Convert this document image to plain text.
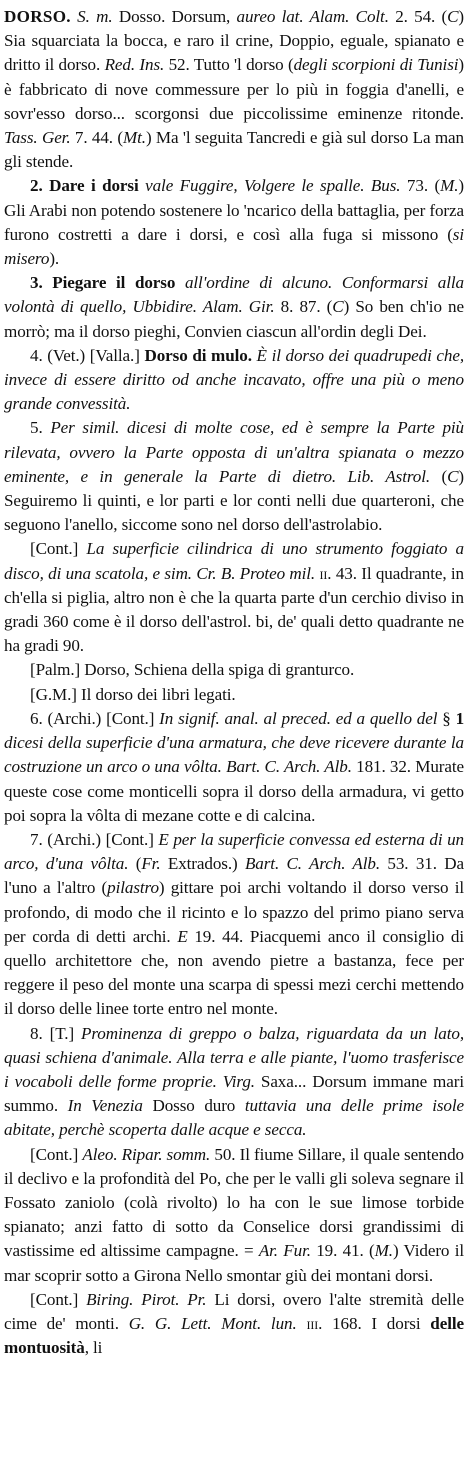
DORSO. S. m. Dosso. Dorsum, aureo lat. Alam. Colt. 2. 54. (C) Sia squarciata la bocca, e raro il crine, Doppio, eguale, spianato e dritto il dorso. Red. Ins. 52. Tutto 'l dorso (degli scorpioni di Tunisi) è fabbricato di nove commessure per lo più in foggia d'anelli, e sovr'esso dorso... scorgonsi due piccolissime eminenze ritonde. Tass. Ger. 7. 44. (Mt.) Ma 'l seguita Tancredi e già sul dorso La man gli stende.

2. Dare i dorsi vale Fuggire, Volgere le spalle. Bus. 73. (M.) Gli Arabi non potendo sostenere lo 'ncarico della battaglia, per forza furono costretti a dare i dorsi, e così alla fuga si missono (si misero).

3. Piegare il dorso all'ordine di alcuno. Conformarsi alla volontà di quello, Ubbidire. Alam. Gir. 8. 87. (C) So ben ch'io ne morrò; ma il dorso pieghi, Convien ciascun all'ordin degli Dei.

4. (Vet.) [Valla.] Dorso di mulo. È il dorso dei quadrupedi che, invece di essere diritto od anche incavato, offre una più o meno grande convessità.

5. Per simil. dicesi di molte cose, ed è sempre la Parte più rilevata, ovvero la Parte opposta di un'altra spianata o mezzo eminente, e in generale la Parte di dietro. Lib. Astrol. (C) Seguiremo li quinti, e lor parti e lor conti nelli due quarteroni, che seguono l'anello, siccome sono nel dorso dell'astrolabio.

[Cont.] La superficie cilindrica di uno strumento foggiato a disco, di una scatola, e sim. Cr. B. Proteo mil. ii. 43. Il quadrante, in ch'ella si piglia, altro non è che la quarta parte d'un cerchio diviso in gradi 360 come è il dorso dell'astrol. bi, de' quali detto quadrante ne ha gradi 90.

[Palm.] Dorso, Schiena della spiga di granturco.

[G.M.] Il dorso dei libri legati.

6. (Archi.) [Cont.] In signif. anal. al preced. ed a quello del § 1 dicesi della superficie d'una armatura, che deve ricevere durante la costruzione un arco o una vôlta. Bart. C. Arch. Alb. 181. 32. Murate queste cose come monticelli sopra il dorso della armadura, vi getto poi sopra la vôlta di mezane cotte e di calcina.

7. (Archi.) [Cont.] E per la superficie convessa ed esterna di un arco, d'una vôlta. (Fr. Extrados.) Bart. C. Arch. Alb. 53. 31. Da l'uno a l'altro (pilastro) gittare poi archi voltando il dorso verso il profondo, di modo che il ricinto e lo spazzo del primo piano serva per corda di detti archi. E 19. 44. Piacquemi anco il consiglio di quello architettore che, non avendo pietre a bastanza, fece per reggere il peso del monte una scarpa di spessi mezi cerchi mettendo il dorso delle linee torte entro nel monte.

8. [T.] Prominenza di greppo o balza, riguardata da un lato, quasi schiena d'animale. Alla terra e alle piante, l'uomo trasferisce i vocaboli delle forme proprie. Virg. Saxa... Dorsum immane mari summo. In Venezia Dosso duro tuttavia una delle prime isole abitate, perchè scoperta dalle acque e secca.

[Cont.] Aleo. Ripar. somm. 50. Il fiume Sillare, il quale sentendo il declivo e la profondità del Po, che per le valli gli soleva segnare il Fossato zaniolo (colà rivolto) lo ha con le sue limose torbide spianato; anzi fatto di sotto da Conselice dorsi grandissimi di vastissime ed altissime campagne. = Ar. Fur. 19. 41. (M.) Videro il mar scoprir sotto a Girona Nello smontar giù dei montani dorsi.

[Cont.] Biring. Pirot. Pr. Li dorsi, overo l'alte stremità delle cime de' monti. G. G. Lett. Mont. lun. iii. 168. I dorsi delle montuosità, li
